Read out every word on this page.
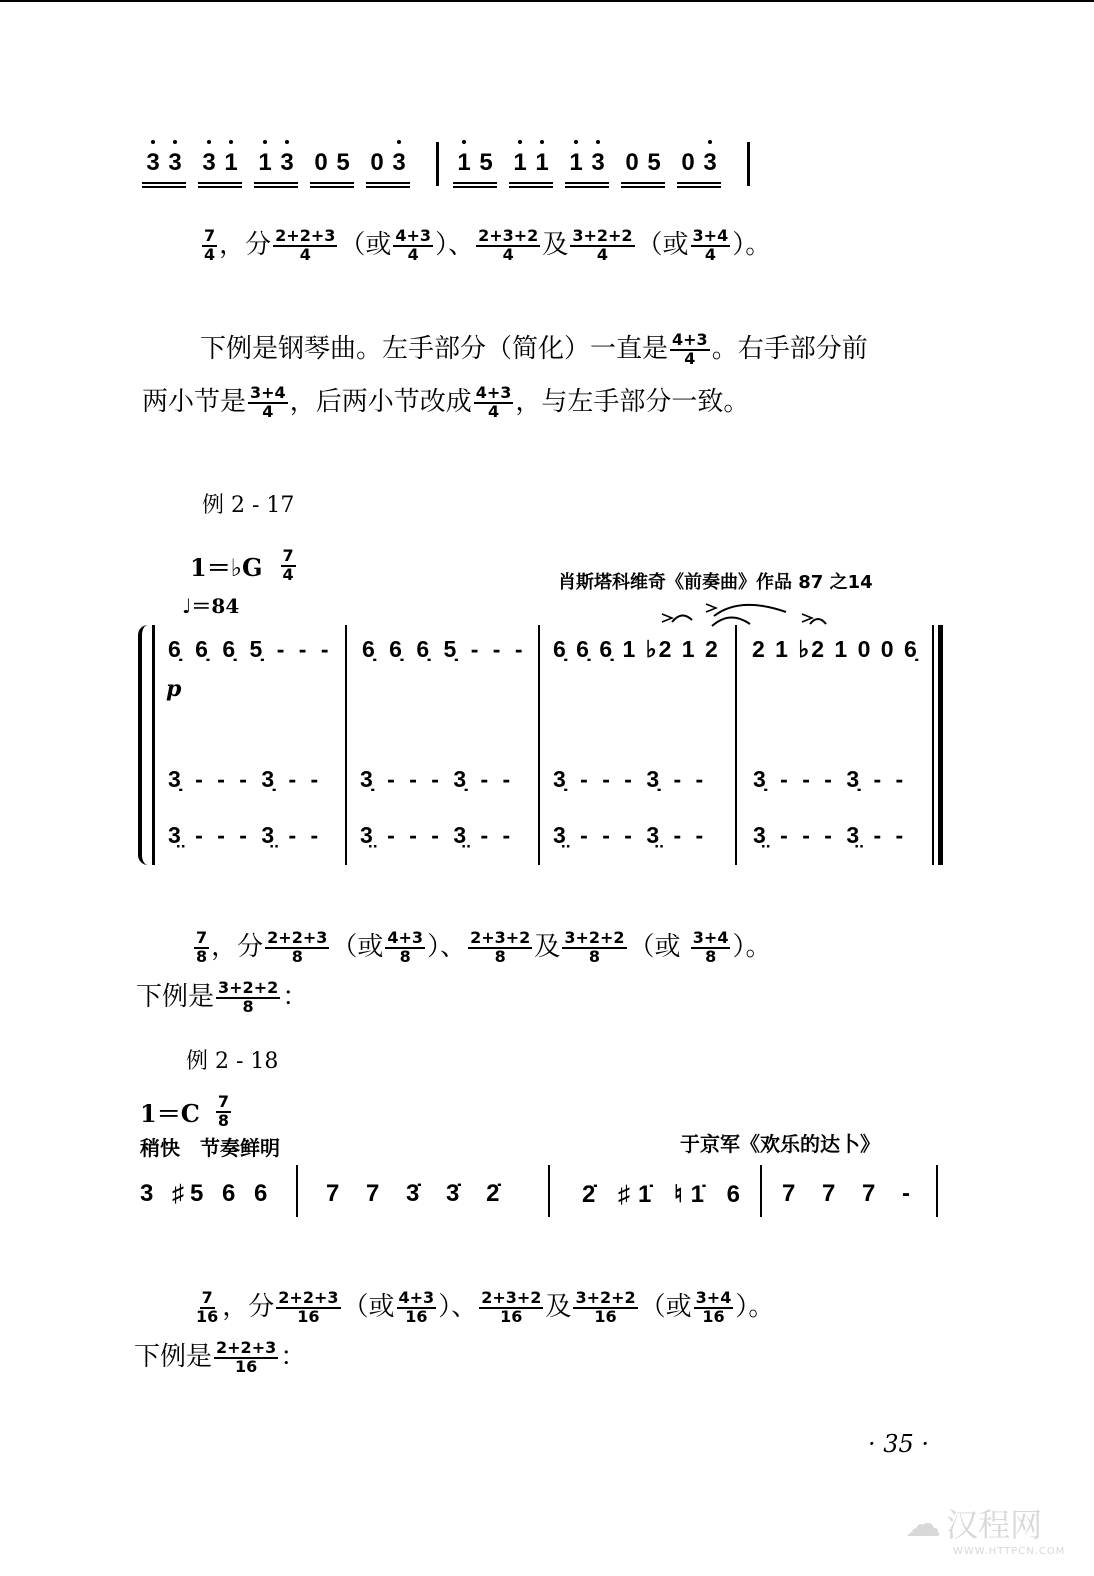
3 3 3 1 1 3 0 5 0 3 1 5 1 1 1 3 0 5 0 3
$\frac{7}{4}$ ，分 $\frac{2+2+3}{4}$ （或 $\frac{4+3}{4}$ ）、 $\frac{2+3+2}{4}$ 及 $\frac{3+2+2}{4}$ （或 $\frac{3+4}{4}$ ）。
下例是钢琴曲。左手部分（简化）一直是 $\frac{4+3}{4}$ 。右手部分前
两小节是 $\frac{3+4}{4}$ ，后两小节改成 $\frac{4+3}{4}$ ，与左手部分一致。
例 2 - 17
1＝♭G $\frac{7}{4}$
♩＝84
肖斯塔科维奇《前奏曲》作品 87 之14
6̣ 6̣ 6̣ 5̣ - - - 6̣ 6̣ 6̣ 5̣ - - - 6̣ 6̣ 6̣ 1 ♭2 1 2 2 1 ♭2 1 0 0 6̣
p
3̣ - - - 3̣ - - 3̣ - - - 3̣ - - 3̣ - - - 3̣ - - 3̣ - - - 3̣ - -
3̤ - - - 3̤ - - 3̤ - - - 3̤ - - 3̤ - - - 3̤ - - 3̤ - - - 3̤ - -
$\frac{7}{8}$ ，分 $\frac{2+2+3}{8}$ （或 $\frac{4+3}{8}$ ）、 $\frac{2+3+2}{8}$ 及 $\frac{3+2+2}{8}$ （或 $\frac{3+4}{8}$ ）。
下例是 $\frac{3+2+2}{8}$ ：
例 2 - 18
$1=C \frac{7}{8}$
稍快　节奏鲜明	于京军《欢乐的达卜》
3 ♯5 6 6 7 7 3̇ 3̇ 2̇	2̇ ♯1̇ ♮1̇ 6 7 7 7 -
$\frac{7}{16}$ ，分 $\frac{2+2+3}{16}$ （或 $\frac{4+3}{16}$ ）、 $\frac{2+3+2}{16}$ 及 $\frac{3+2+2}{16}$ （或 $\frac{3+4}{16}$ ）。
下例是 $\frac{2+2+3}{16}$ ：
· 35 ·
☁ 汉程网
WWW.HTTPCN.COM
